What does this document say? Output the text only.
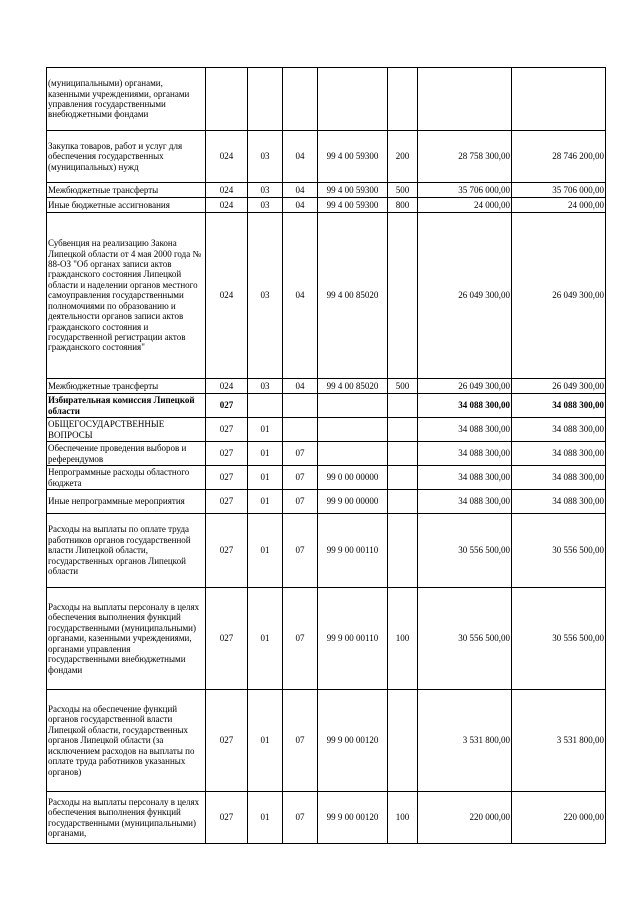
(муниципальными) органами, казенными учреждениями, органами управления государственными внебюджетными фондами							
Закупка товаров, работ и услуг для обеспечения государственных (муниципальных) нужд	024	03	04	99 4 00 59300	200	28 758 300,00	28 746 200,00
Межбюджетные трансферты	024	03	04	99 4 00 59300	500	35 706 000,00	35 706 000,00
Иные бюджетные ассигнования	024	03	04	99 4 00 59300	800	24 000,00	24 000,00
Субвенция на реализацию Закона Липецкой области от 4 мая 2000 года № 88-ОЗ "Об органах записи актов гражданского состояния Липецкой области и наделении органов местного самоуправления государственными полномочиями по образованию и деятельности органов записи актов гражданского состояния и государственной регистрации актов гражданского состояния"	024	03	04	99 4 00 85020		26 049 300,00	26 049 300,00
Межбюджетные трансферты	024	03	04	99 4 00 85020	500	26 049 300,00	26 049 300,00
Избирательная комиссия Липецкой области	027					34 088 300,00	34 088 300,00
ОБЩЕГОСУДАРСТВЕННЫЕ ВОПРОСЫ	027	01				34 088 300,00	34 088 300,00
Обеспечение проведения выборов и референдумов	027	01	07			34 088 300,00	34 088 300,00
Непрограммные расходы областного бюджета	027	01	07	99 0 00 00000		34 088 300,00	34 088 300,00
Иные непрограммные мероприятия	027	01	07	99 9 00 00000		34 088 300,00	34 088 300,00
Расходы на выплаты по оплате труда работников органов государственной власти Липецкой области, государственных органов Липецкой области	027	01	07	99 9 00 00110		30 556 500,00	30 556 500,00
Расходы на выплаты персоналу в целях обеспечения выполнения функций государственными (муниципальными) органами, казенными учреждениями, органами управления государственными внебюджетными фондами	027	01	07	99 9 00 00110	100	30 556 500,00	30 556 500,00
Расходы на обеспечение функций органов государственной власти Липецкой области, государственных органов Липецкой области (за исключением расходов на выплаты по оплате труда работников указанных органов)	027	01	07	99 9 00 00120		3 531 800,00	3 531 800,00
Расходы на выплаты персоналу в целях обеспечения выполнения функций государственными (муниципальными) органами,	027	01	07	99 9 00 00120	100	220 000,00	220 000,00
